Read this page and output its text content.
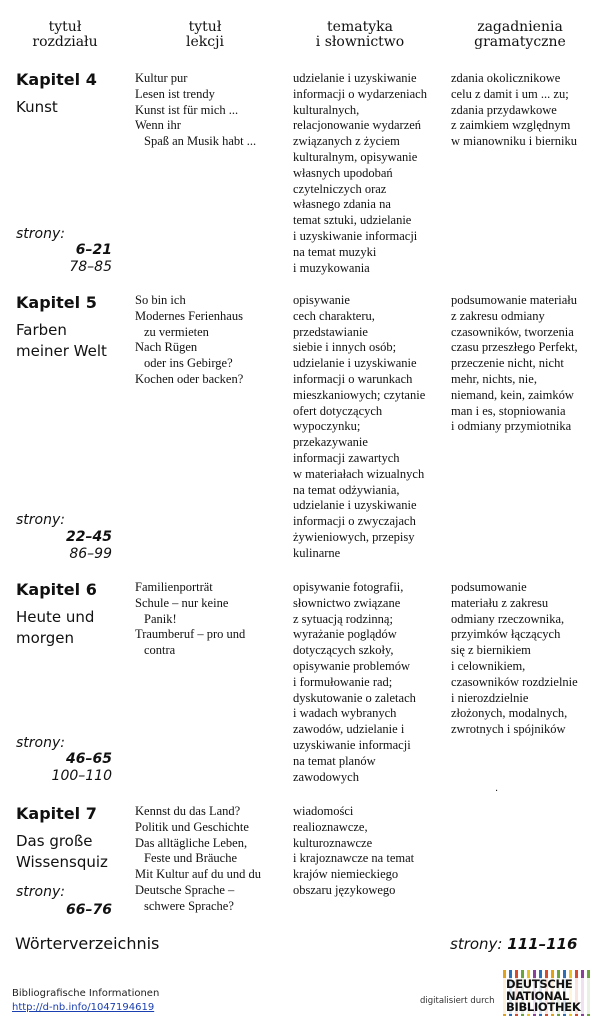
tytuł
rozdziału
tytuł
lekcji
tematyka
i słownictwo
zagadnienia
gramatyczne
Kapitel 4
Kunst
strony:
6–21
78–85
Kultur pur
Lesen ist trendy
Kunst ist für mich ...
Wenn ihr
Spaß an Musik habt ...
udzielanie i uzyskiwanie
informacji o wydarzeniach
kulturalnych,
relacjonowanie wydarzeń
związanych z życiem
kulturalnym, opisywanie
własnych upodobań
czytelniczych oraz
własnego zdania na
temat sztuki, udzielanie
i uzyskiwanie informacji
na temat muzyki
i muzykowania
zdania okolicznikowe
celu z damit i um ... zu;
zdania przydawkowe
z zaimkiem względnym
w mianowniku i bierniku
Kapitel 5
Farben
meiner Welt
strony:
22–45
86–99
So bin ich
Modernes Ferienhaus
zu vermieten
Nach Rügen
oder ins Gebirge?
Kochen oder backen?
opisywanie
cech charakteru,
przedstawianie
siebie i innych osób;
udzielanie i uzyskiwanie
informacji o warunkach
mieszkaniowych; czytanie
ofert dotyczących
wypoczynku;
przekazywanie
informacji zawartych
w materiałach wizualnych
na temat odżywiania,
udzielanie i uzyskiwanie
informacji o zwyczajach
żywieniowych, przepisy
kulinarne
podsumowanie materiału
z zakresu odmiany
czasowników, tworzenia
czasu przeszłego Perfekt,
przeczenie nicht, nicht
mehr, nichts, nie,
niemand, kein, zaimków
man i es, stopniowania
i odmiany przymiotnika
Kapitel 6
Heute und
morgen
strony:
46–65
100–110
Familienporträt
Schule – nur keine
Panik!
Traumberuf – pro und
contra
opisywanie fotografii,
słownictwo związane
z sytuacją rodzinną;
wyrażanie poglądów
dotyczących szkoły,
opisywanie problemów
i formułowanie rad;
dyskutowanie o zaletach
i wadach wybranych
zawodów, udzielanie i
uzyskiwanie informacji
na temat planów
zawodowych
podsumowanie
materiału z zakresu
odmiany rzeczownika,
przyimków łączących
się z biernikiem
i celownikiem,
czasowników rozdzielnie
i nierozdzielnie
złożonych, modalnych,
zwrotnych i spójników
·
Kapitel 7
Das große
Wissensquiz
strony:
66–76
Kennst du das Land?
Politik und Geschichte
Das alltägliche Leben,
Feste und Bräuche
Mit Kultur auf du und du
Deutsche Sprache –
schwere Sprache?
wiadomości
realioznawcze,
kulturoznawcze
i krajoznawcze na temat
krajów niemieckiego
obszaru językowego
Wörterverzeichnis	strony: 111–116
Bibliografische Informationen
http://d-nb.info/1047194619
digitalisiert durch
DEUTSCHE
NATIONAL
BIBLIOTHEK
